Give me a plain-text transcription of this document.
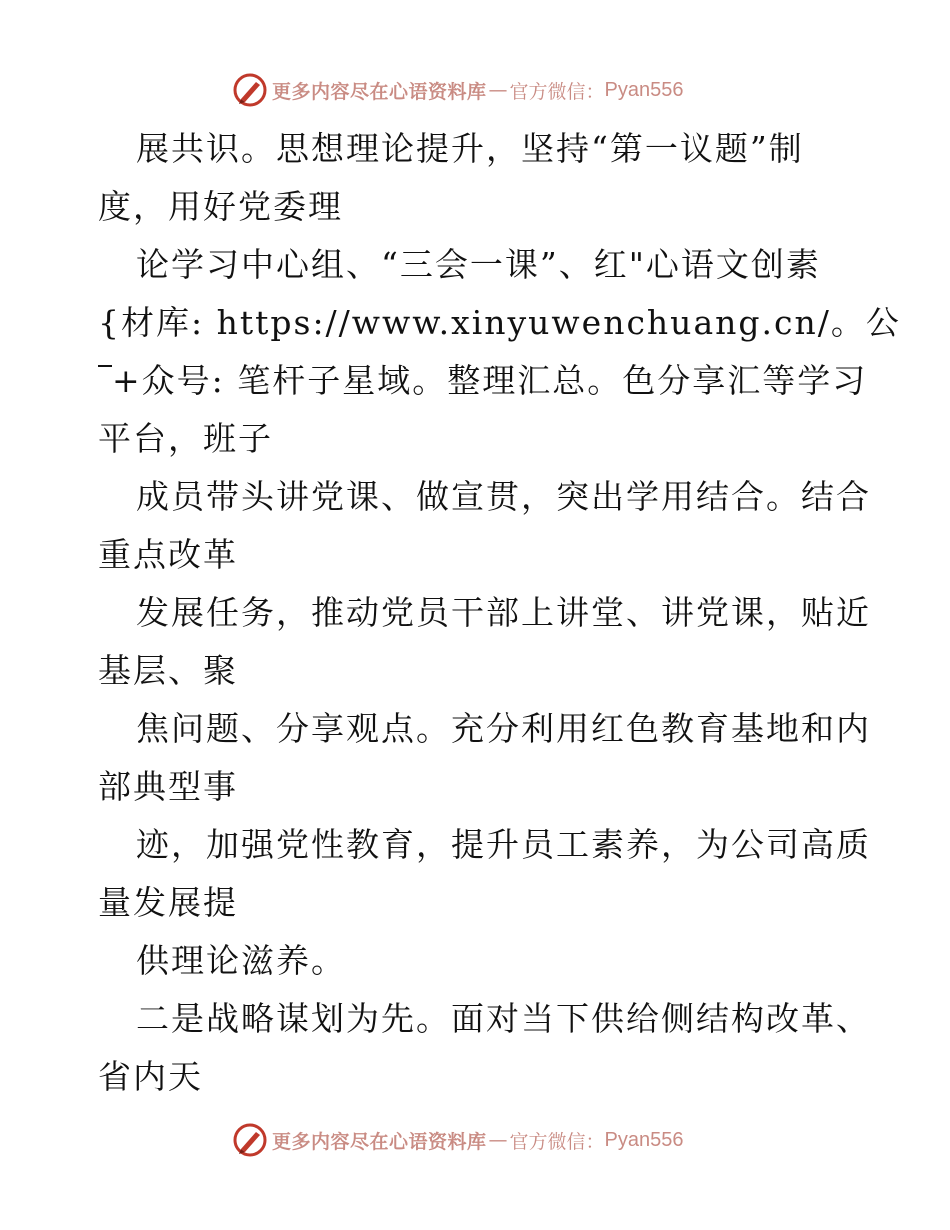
更多内容尽在心语资料库 — 官方微信： Pyan556
展共识。思想理论提升，坚持“第一议题”制
度，用好党委理
论学习中心组、“三会一课”、红"心语文创素
{材库: https://www.xinyuwenchuang.cn/。公
+众号: 笔杆子星域。整理汇总。色分享汇等学习
平台，班子
成员带头讲党课、做宣贯，突出学用结合。结合
重点改革
发展任务，推动党员干部上讲堂、讲党课，贴近
基层、聚
焦问题、分享观点。充分利用红色教育基地和内
部典型事
迹，加强党性教育，提升员工素养，为公司高质
量发展提
供理论滋养。
二是战略谋划为先。面对当下供给侧结构改革、
省内天
更多内容尽在心语资料库 — 官方微信： Pyan556
